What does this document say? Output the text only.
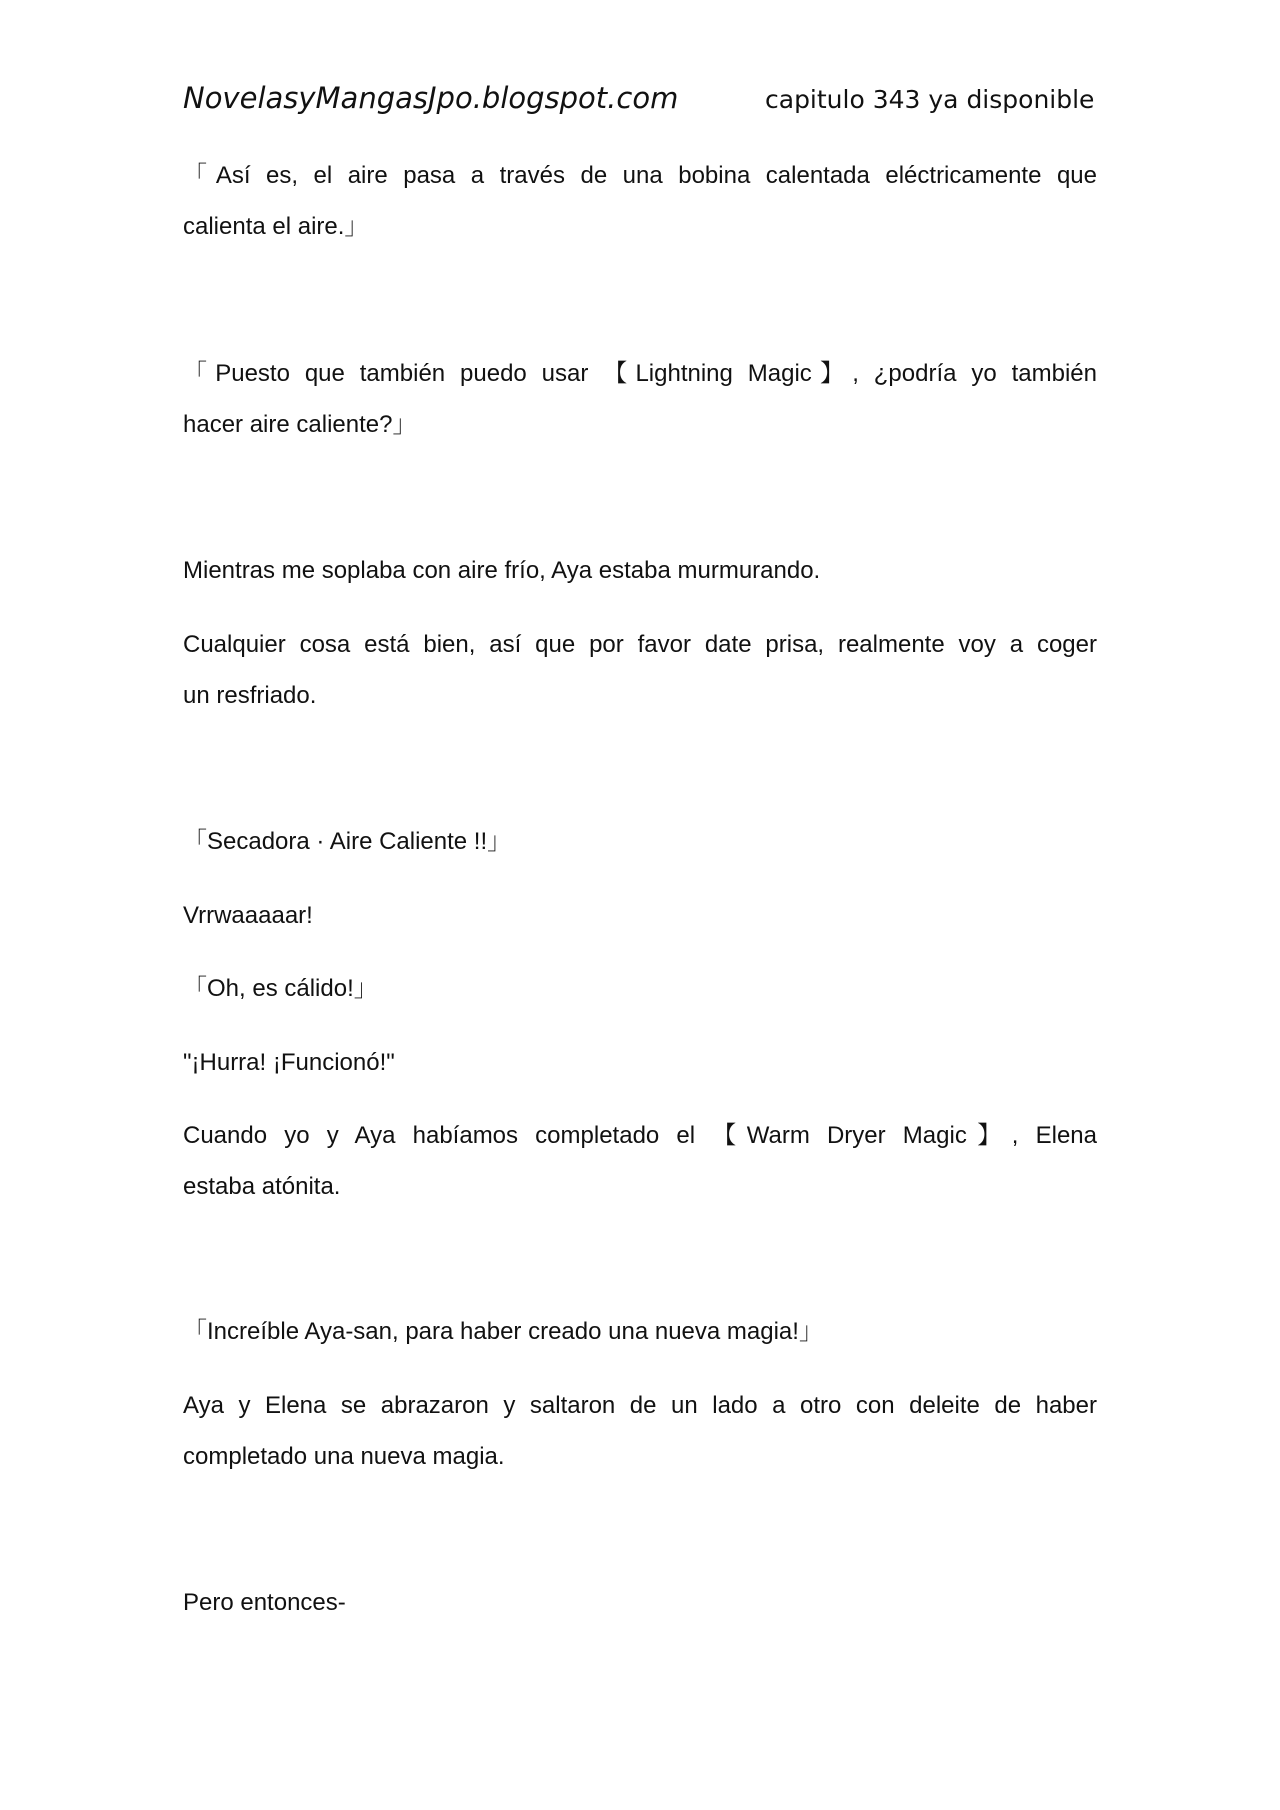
NovelasyMangasJpo.blogspot.com	capitulo 343 ya disponible
「Así es, el aire pasa a través de una bobina calentada eléctricamente que
calienta el aire.」
「Puesto que también puedo usar 【Lightning Magic】, ¿podría yo también
hacer aire caliente?」
Mientras me soplaba con aire frío, Aya estaba murmurando.
Cualquier cosa está bien, así que por favor date prisa, realmente voy a coger
un resfriado.
「Secadora · Aire Caliente !!」
Vrrwaaaaar!
「Oh, es cálido!」
"¡Hurra! ¡Funcionó!"
Cuando yo y Aya habíamos completado el 【Warm Dryer Magic】, Elena
estaba atónita.
「Increíble Aya-san, para haber creado una nueva magia!」
Aya y Elena se abrazaron y saltaron de un lado a otro con deleite de haber
completado una nueva magia.
Pero entonces-
